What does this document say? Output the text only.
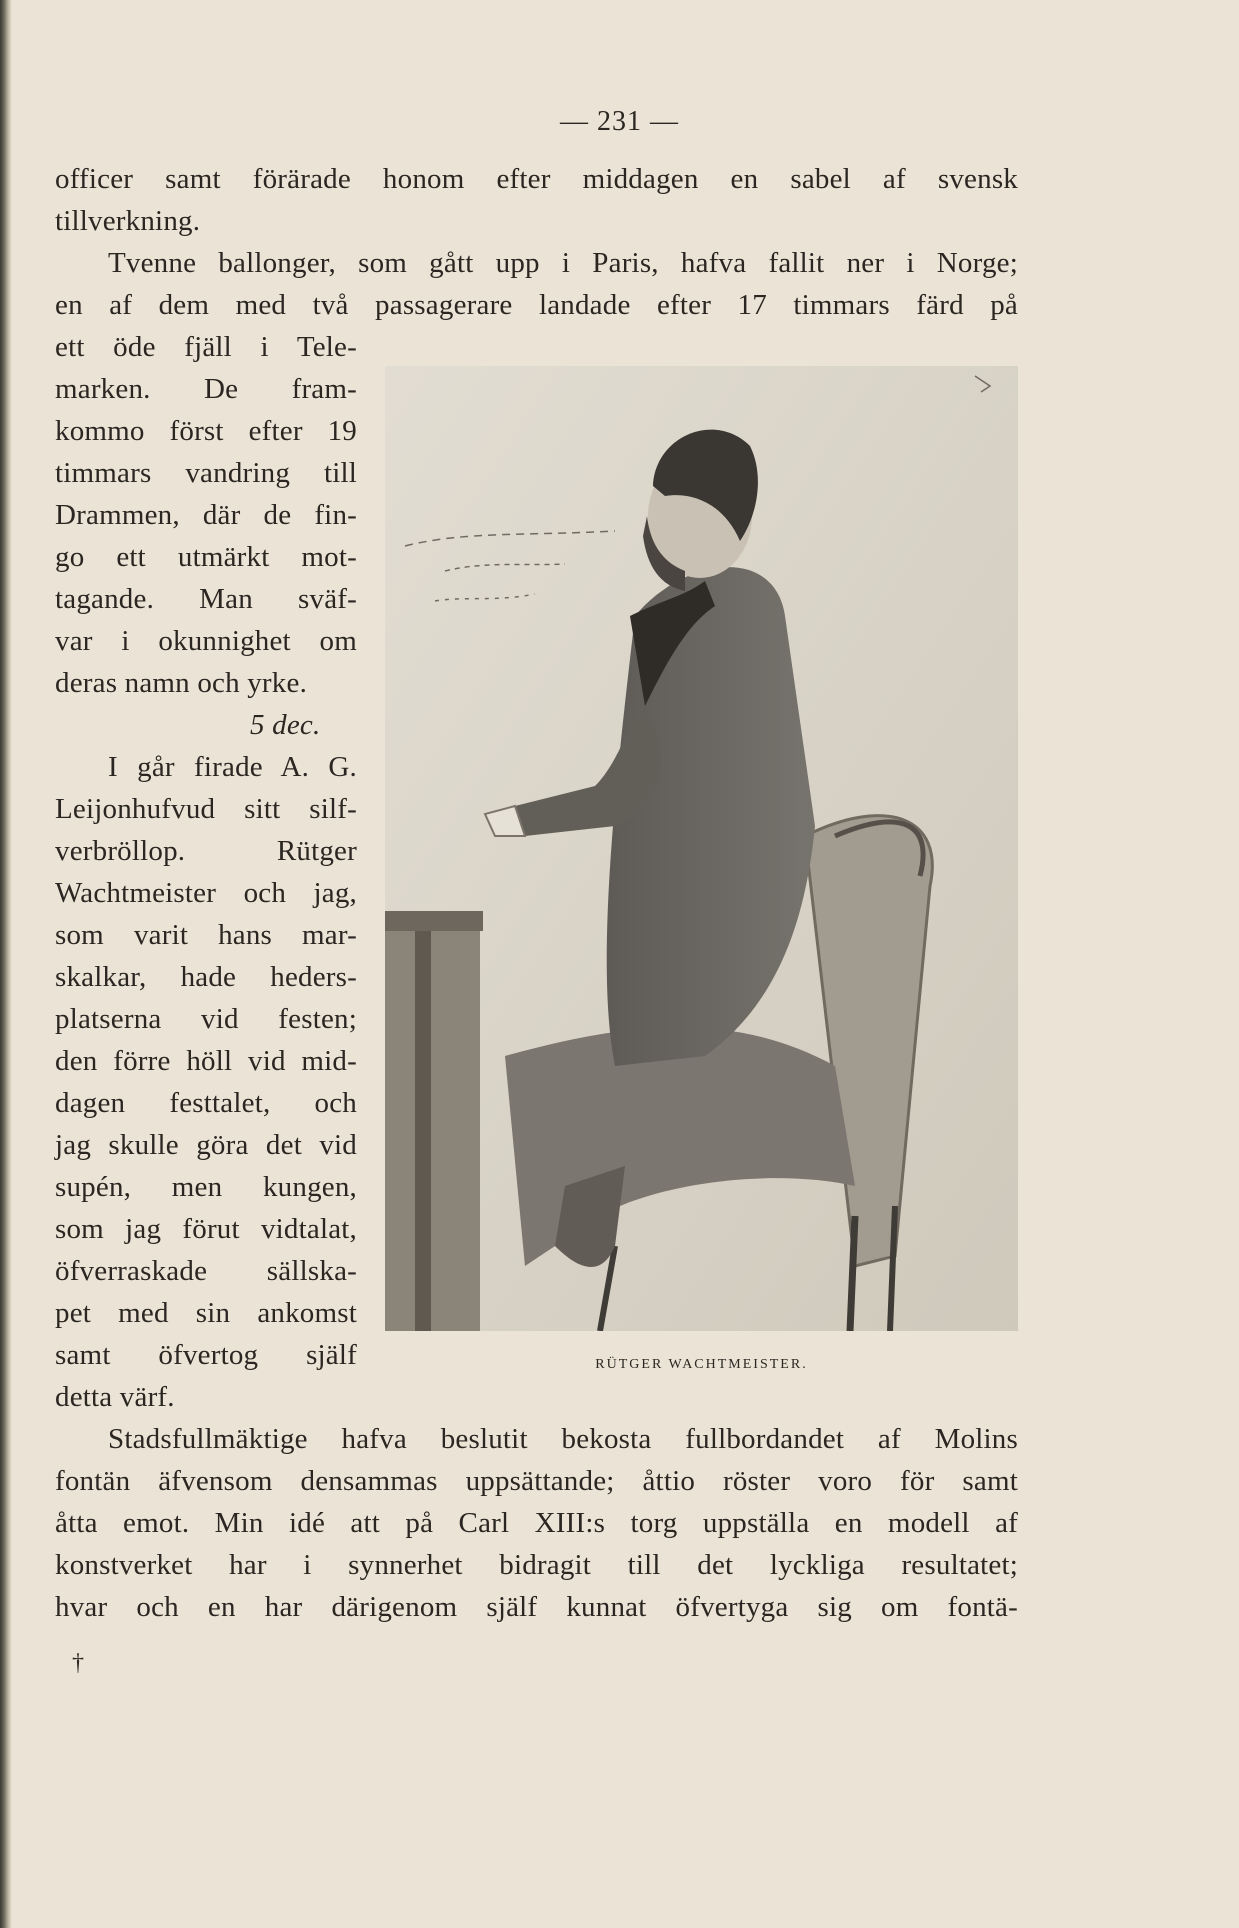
— 231 —
officer samt förärade honom efter middagen en sabel af svensk
tillverkning.
Tvenne ballonger, som gått upp i Paris, hafva fallit ner i Norge;
en af dem med två passagerare landade efter 17 timmars färd på
ett öde fjäll i Tele-
marken. De fram-
kommo först efter 19
timmars vandring till
Drammen, där de fin-
go ett utmärkt mot-
tagande. Man sväf-
var i okunnighet om
deras namn och yrke.
5 dec.
I går firade A. G.
Leijonhufvud sitt silf-
verbröllop. Rütger
Wachtmeister och jag,
som varit hans mar-
skalkar, hade heders-
platserna vid festen;
den förre höll vid mid-
dagen festtalet, och
jag skulle göra det vid
supén, men kungen,
som jag förut vidtalat,
öfverraskade sällska-
pet med sin ankomst
samt öfvertog själf
detta värf.
Stadsfullmäktige hafva beslutit bekosta fullbordandet af Molins
fontän äfvensom densammas uppsättande; åttio röster voro för samt
åtta emot. Min idé att på Carl XIII:s torg uppställa en modell af
konstverket har i synnerhet bidragit till det lyckliga resultatet;
hvar och en har därigenom själf kunnat öfvertyga sig om fontä-
RÜTGER WACHTMEISTER.
†
